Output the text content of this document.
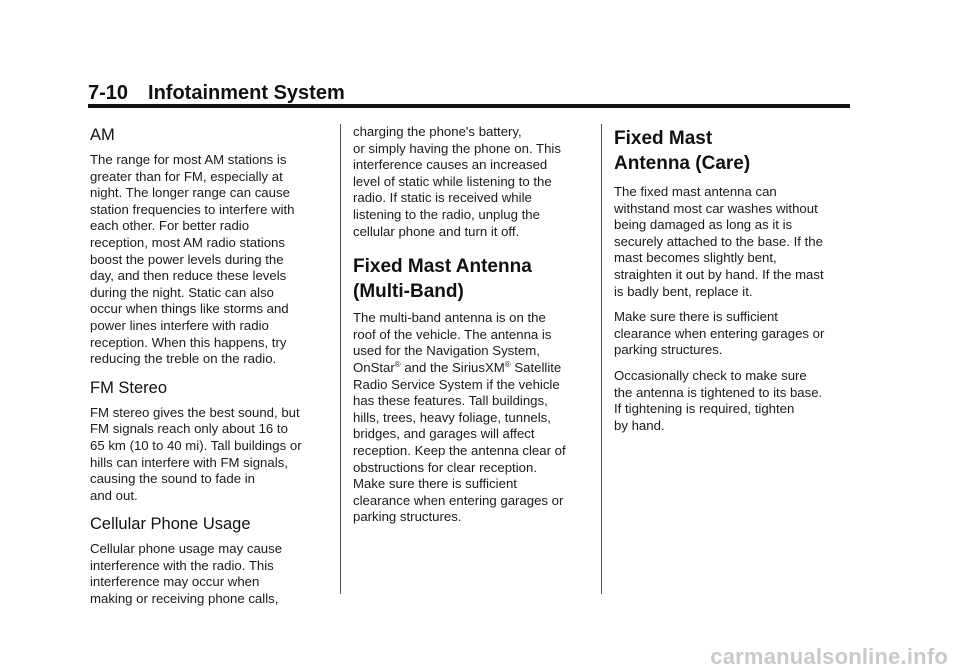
7-10 Infotainment System
AM

The range for most AM stations is
greater than for FM, especially at
night. The longer range can cause
station frequencies to interfere with
each other. For better radio
reception, most AM radio stations
boost the power levels during the
day, and then reduce these levels
during the night. Static can also
occur when things like storms and
power lines interfere with radio
reception. When this happens, try
reducing the treble on the radio.

FM Stereo

FM stereo gives the best sound, but
FM signals reach only about 16 to
65 km (10 to 40 mi). Tall buildings or
hills can interfere with FM signals,
causing the sound to fade in
and out.

Cellular Phone Usage

Cellular phone usage may cause
interference with the radio. This
interference may occur when
making or receiving phone calls,

charging the phone's battery,
or simply having the phone on. This
interference causes an increased
level of static while listening to the
radio. If static is received while
listening to the radio, unplug the
cellular phone and turn it off.

Fixed Mast Antenna
(Multi-Band)

The multi-band antenna is on the
roof of the vehicle. The antenna is
used for the Navigation System,
OnStar® and the SiriusXM® Satellite
Radio Service System if the vehicle
has these features. Tall buildings,
hills, trees, heavy foliage, tunnels,
bridges, and garages will affect
reception. Keep the antenna clear of
obstructions for clear reception.
Make sure there is sufficient
clearance when entering garages or
parking structures.

Fixed Mast
Antenna (Care)

The fixed mast antenna can
withstand most car washes without
being damaged as long as it is
securely attached to the base. If the
mast becomes slightly bent,
straighten it out by hand. If the mast
is badly bent, replace it.

Make sure there is sufficient
clearance when entering garages or
parking structures.

Occasionally check to make sure
the antenna is tightened to its base.
If tightening is required, tighten
by hand.

carmanualsonline.info
